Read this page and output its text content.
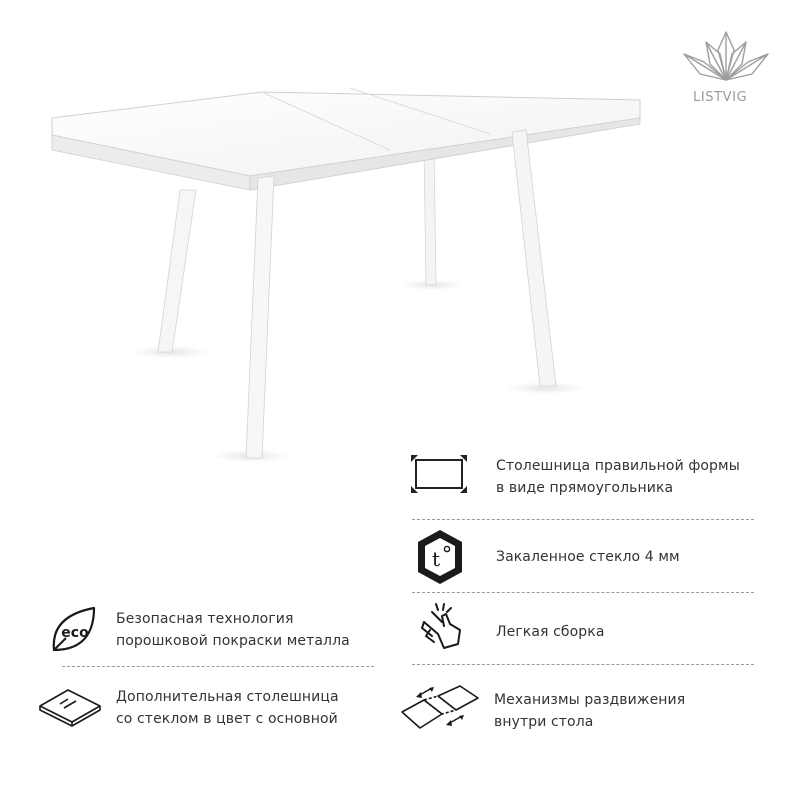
LISTVIG
Столешница правильной формы
в виде прямоугольника
t	Закаленное стекло 4 мм
Легкая сборка
Механизмы раздвижения
внутри стола
eco
Безопасная технология
порошковой покраски металла
Дополнительная столешница
со стеклом в цвет с основной
